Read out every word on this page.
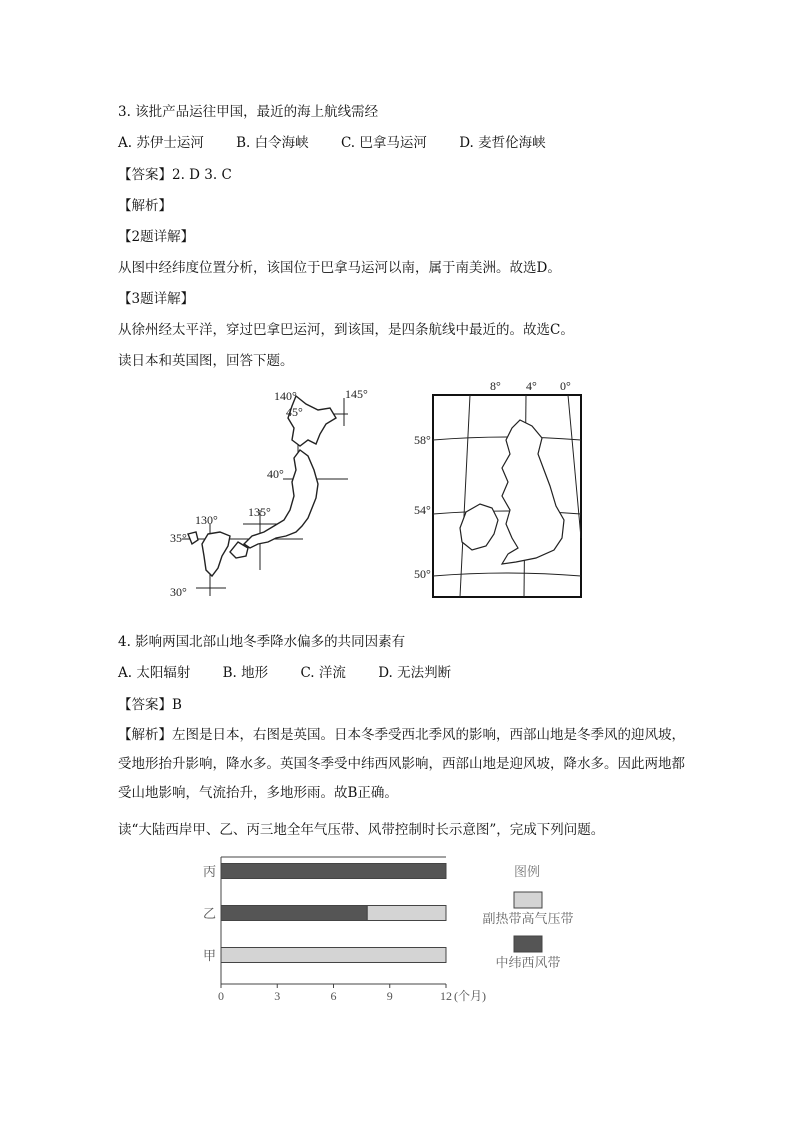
3. 该批产品运往甲国，最近的海上航线需经
A. 苏伊士运河 B. 白令海峡 C. 巴拿马运河 D. 麦哲伦海峡
【答案】2. D 3. C
【解析】
【2题详解】
从图中经纬度位置分析，该国位于巴拿马运河以南，属于南美洲。故选D。
【3题详解】
从徐州经太平洋，穿过巴拿巴运河，到该国，是四条航线中最近的。故选C。
读日本和英国图，回答下题。
140°	145°
45°
40°
135°
130°
35°
30°
8° 4° 0°
58°
54°
50°
4. 影响两国北部山地冬季降水偏多的共同因素有
A. 太阳辐射 B. 地形 C. 洋流 D. 无法判断
【答案】B
【解析】左图是日本，右图是英国。日本冬季受西北季风的影响，西部山地是冬季风的迎风坡，受地形抬升影响，降水多。英国冬季受中纬西风影响，西部山地是迎风坡，降水多。因此两地都受山地影响，气流抬升，多地形雨。故B正确。
读“大陆西岸甲、乙、丙三地全年气压带、风带控制时长示意图”，完成下列问题。
丙
乙
甲
0	3	6	9	12 (个月)
图例
副热带高气压带
中纬西风带
